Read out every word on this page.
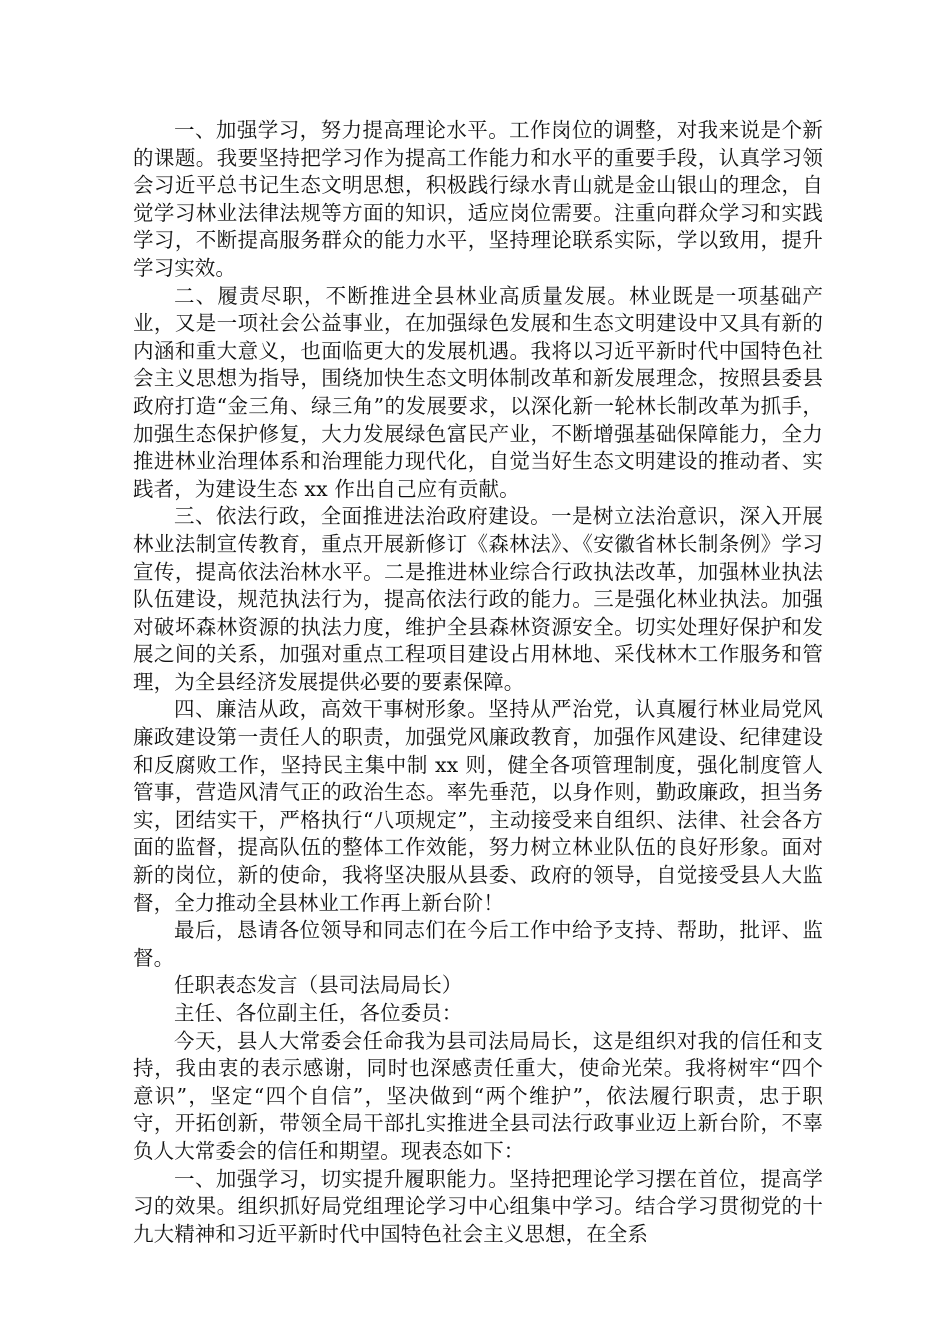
一、加强学习，努力提高理论水平。工作岗位的调整，对我来说是个新的课题。我要坚持把学习作为提高工作能力和水平的重要手段，认真学习领会习近平总书记生态文明思想，积极践行绿水青山就是金山银山的理念，自觉学习林业法律法规等方面的知识，适应岗位需要。注重向群众学习和实践学习，不断提高服务群众的能力水平，坚持理论联系实际，学以致用，提升学习实效。

二、履责尽职，不断推进全县林业高质量发展。林业既是一项基础产业，又是一项社会公益事业，在加强绿色发展和生态文明建设中又具有新的内涵和重大意义，也面临更大的发展机遇。我将以习近平新时代中国特色社会主义思想为指导，围绕加快生态文明体制改革和新发展理念，按照县委县政府打造“金三角、绿三角”的发展要求，以深化新一轮林长制改革为抓手，加强生态保护修复，大力发展绿色富民产业，不断增强基础保障能力，全力推进林业治理体系和治理能力现代化，自觉当好生态文明建设的推动者、实践者，为建设生态 xx 作出自己应有贡献。

三、依法行政，全面推进法治政府建设。一是树立法治意识，深入开展林业法制宣传教育，重点开展新修订《森林法》、《安徽省林长制条例》学习宣传，提高依法治林水平。二是推进林业综合行政执法改革，加强林业执法队伍建设，规范执法行为，提高依法行政的能力。三是强化林业执法。加强对破坏森林资源的执法力度，维护全县森林资源安全。切实处理好保护和发展之间的关系，加强对重点工程项目建设占用林地、采伐林木工作服务和管理，为全县经济发展提供必要的要素保障。

四、廉洁从政，高效干事树形象。坚持从严治党，认真履行林业局党风廉政建设第一责任人的职责，加强党风廉政教育，加强作风建设、纪律建设和反腐败工作，坚持民主集中制 xx 则，健全各项管理制度，强化制度管人管事，营造风清气正的政治生态。率先垂范，以身作则，勤政廉政，担当务实，团结实干，严格执行“八项规定”，主动接受来自组织、法律、社会各方面的监督，提高队伍的整体工作效能，努力树立林业队伍的良好形象。面对新的岗位，新的使命，我将坚决服从县委、政府的领导，自觉接受县人大监督，全力推动全县林业工作再上新台阶！

最后，恳请各位领导和同志们在今后工作中给予支持、帮助，批评、监督。

任职表态发言（县司法局局长）

主任、各位副主任，各位委员：

今天，县人大常委会任命我为县司法局局长，这是组织对我的信任和支持，我由衷的表示感谢，同时也深感责任重大，使命光荣。我将树牢“四个意识”，坚定“四个自信”，坚决做到“两个维护”，依法履行职责，忠于职守，开拓创新，带领全局干部扎实推进全县司法行政事业迈上新台阶，不辜负人大常委会的信任和期望。现表态如下：

一、加强学习，切实提升履职能力。坚持把理论学习摆在首位，提高学习的效果。组织抓好局党组理论学习中心组集中学习。结合学习贯彻党的十九大精神和习近平新时代中国特色社会主义思想，在全系
